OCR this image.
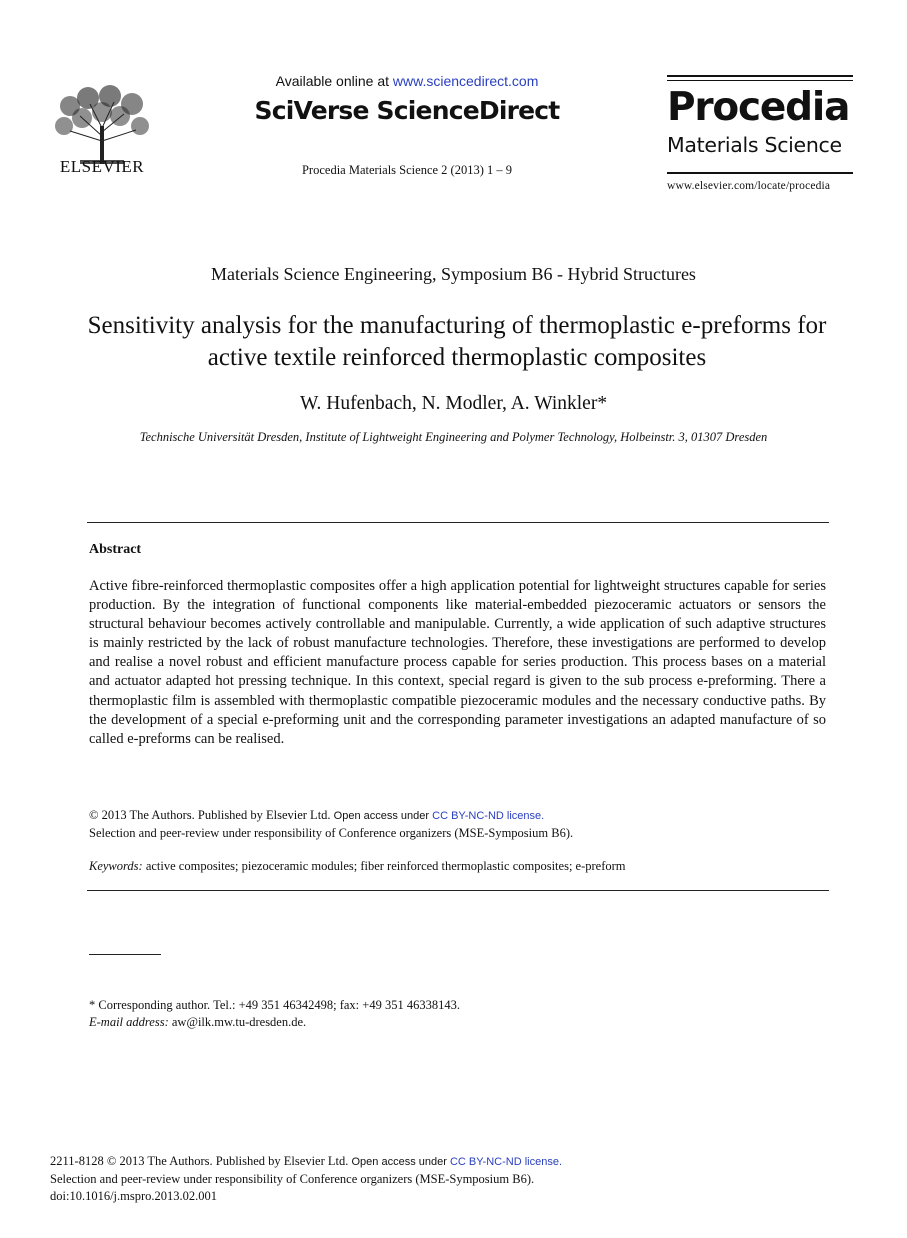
ELSEVIER
Available online at www.sciencedirect.com
SciVerse ScienceDirect
Procedia Materials Science 2 (2013) 1 – 9
Procedia
Materials Science
www.elsevier.com/locate/procedia
Materials Science Engineering, Symposium B6 - Hybrid Structures
Sensitivity analysis for the manufacturing of thermoplastic e-preforms for active textile reinforced thermoplastic composites
W. Hufenbach, N. Modler, A. Winkler*
Technische Universität Dresden, Institute of Lightweight Engineering and Polymer Technology, Holbeinstr. 3, 01307 Dresden
Abstract
Active fibre-reinforced thermoplastic composites offer a high application potential for lightweight structures capable for series production. By the integration of functional components like material-embedded piezoceramic actuators or sensors the structural behaviour becomes actively controllable and manipulable. Currently, a wide application of such adaptive structures is mainly restricted by the lack of robust manufacture technologies. Therefore, these investigations are performed to develop and realise a novel robust and efficient manufacture process capable for series production. This process bases on a material and actuator adapted hot pressing technique. In this context, special regard is given to the sub process e-preforming. There a thermoplastic film is assembled with thermoplastic compatible piezoceramic modules and the necessary conductive paths. By the development of a special e-preforming unit and the corresponding parameter investigations an adapted manufacture of so called e-preforms can be realised.
© 2013 The Authors. Published by Elsevier Ltd. Open access under CC BY-NC-ND license.
Selection and peer-review under responsibility of Conference organizers (MSE-Symposium B6).
Keywords: active composites; piezoceramic modules; fiber reinforced thermoplastic composites; e-preform
* Corresponding author. Tel.: +49 351 46342498; fax: +49 351 46338143.
E-mail address: aw@ilk.mw.tu-dresden.de.
2211-8128 © 2013 The Authors. Published by Elsevier Ltd. Open access under CC BY-NC-ND license.
Selection and peer-review under responsibility of Conference organizers (MSE-Symposium B6).
doi:10.1016/j.mspro.2013.02.001
